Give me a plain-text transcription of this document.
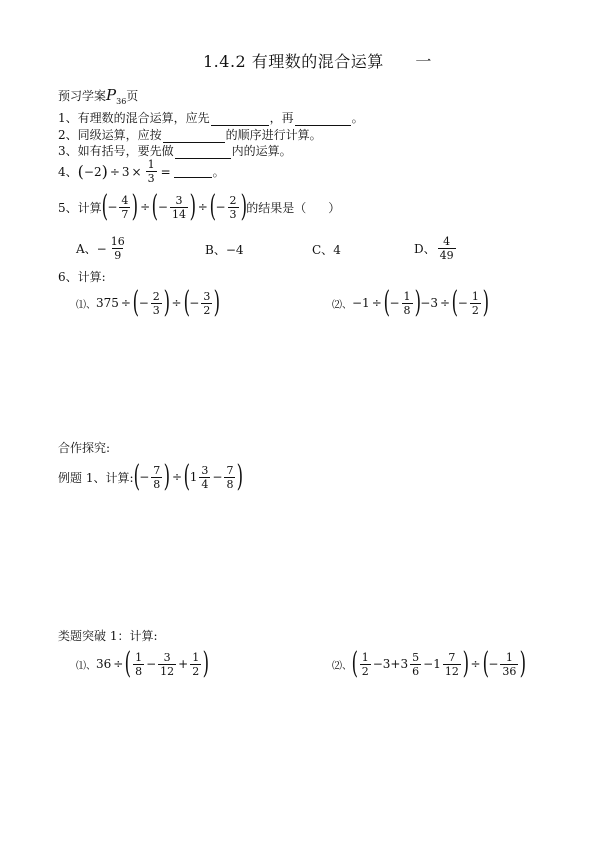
1.4.2 有理数的混合运算 一
预习学案$P_{36}$页
1、有理数的混合运算，应先	，再	。
2、同级运算，应按	的顺序进行计算。
3、如有括号，要先做	内的运算。
4、 ( −2 ) ÷ $3 \times \frac{1}{3}$ =	。
5、计算 ( − $\frac{4}{7}$ ) ÷ ( − $\frac{3}{14}$ ) ÷ ( − $\frac{2}{3}$ ) 的结果是（ ）
A、 − $\frac{16}{9}$	B、−4	C、4	D、 $\frac{4}{49}$
6、计算:
⑴、 375 ÷ ( − $\frac{2}{3}$ ) ÷ ( − $\frac{3}{2}$ )	⑵、 −1 ÷ ( − $\frac{1}{8}$ ) −3 ÷ ( − $\frac{1}{2}$ )
合作探究:
例题 1、计算: ( − $\frac{7}{8}$ ) ÷ ( $1 \frac{3}{4} - \frac{7}{8}$ )
类题突破 1：计算:
⑴、 36 ÷ ( $\frac{1}{8} - \frac{3}{12} + \frac{1}{2}$ )	⑵、 ( $\frac{1}{2} -3 + 3 \frac{5}{6} - 1 \frac{7}{12}$ ) ÷ ( − $\frac{1}{36}$ )
